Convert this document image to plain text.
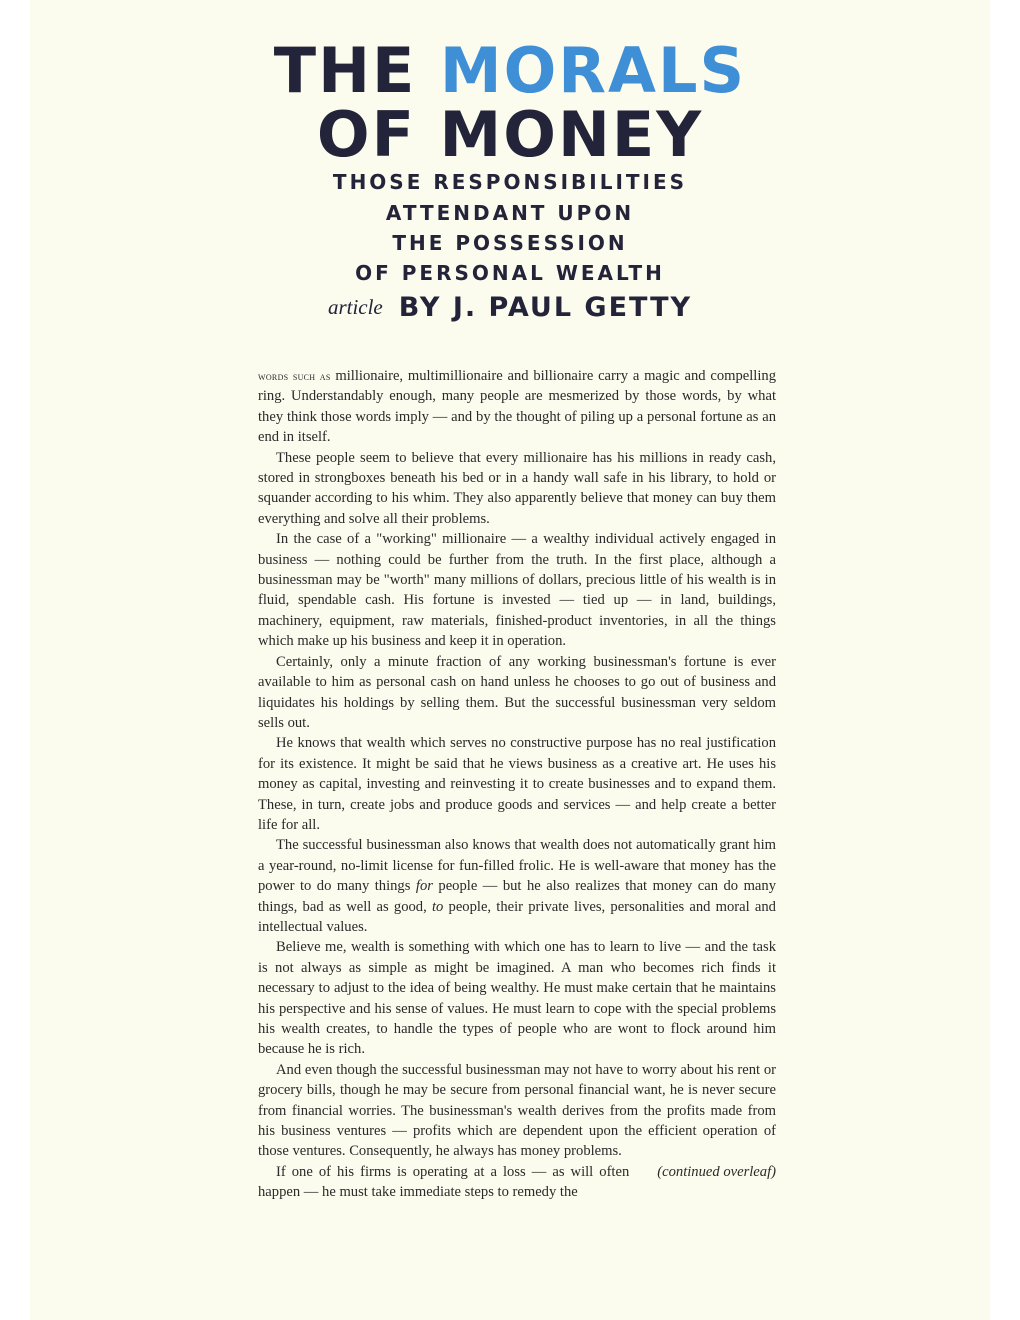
THE MORALS
OF MONEY
THOSE RESPONSIBILITIES
ATTENDANT UPON
THE POSSESSION
OF PERSONAL WEALTH
article BY J. PAUL GETTY

words such as millionaire, multimillionaire and billionaire carry a magic and compelling ring. Understandably enough, many people are mesmerized by those words, by what they think those words imply — and by the thought of piling up a personal fortune as an end in itself.

These people seem to believe that every millionaire has his millions in ready cash, stored in strongboxes beneath his bed or in a handy wall safe in his library, to hold or squander according to his whim. They also apparently believe that money can buy them everything and solve all their problems.

In the case of a "working" millionaire — a wealthy individual actively engaged in business — nothing could be further from the truth. In the first place, although a businessman may be "worth" many millions of dollars, precious little of his wealth is in fluid, spendable cash. His fortune is invested — tied up — in land, buildings, machinery, equipment, raw materials, finished-product inventories, in all the things which make up his business and keep it in operation.

Certainly, only a minute fraction of any working businessman's fortune is ever available to him as personal cash on hand unless he chooses to go out of business and liquidates his holdings by selling them. But the successful businessman very seldom sells out.

He knows that wealth which serves no constructive purpose has no real justification for its existence. It might be said that he views business as a creative art. He uses his money as capital, investing and reinvesting it to create businesses and to expand them. These, in turn, create jobs and produce goods and services — and help create a better life for all.

The successful businessman also knows that wealth does not automatically grant him a year-round, no-limit license for fun-filled frolic. He is well-aware that money has the power to do many things for people — but he also realizes that money can do many things, bad as well as good, to people, their private lives, personalities and moral and intellectual values.

Believe me, wealth is something with which one has to learn to live — and the task is not always as simple as might be imagined. A man who becomes rich finds it necessary to adjust to the idea of being wealthy. He must make certain that he maintains his perspective and his sense of values. He must learn to cope with the special problems his wealth creates, to handle the types of people who are wont to flock around him because he is rich.

And even though the successful businessman may not have to worry about his rent or grocery bills, though he may be secure from personal financial want, he is never secure from financial worries. The businessman's wealth derives from the profits made from his business ventures — profits which are dependent upon the efficient operation of those ventures. Consequently, he always has money problems.

(continued overleaf)
If one of his firms is operating at a loss — as will often happen — he must take immediate steps to remedy the
